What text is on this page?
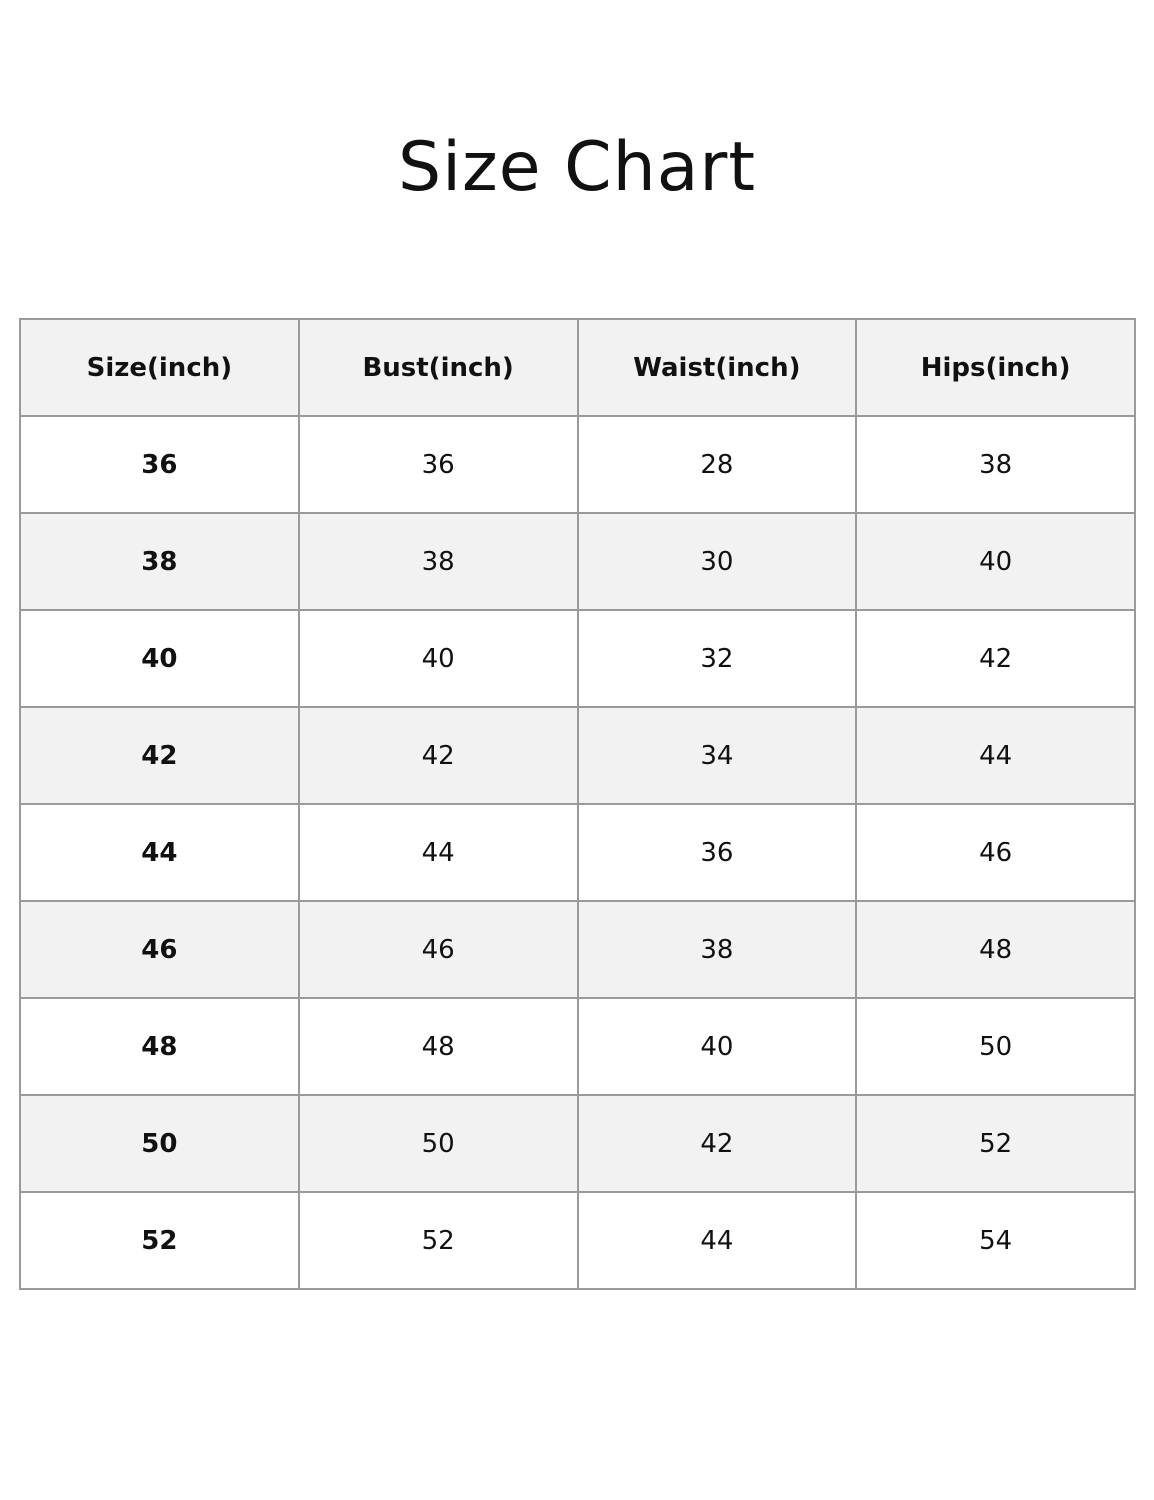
Size Chart
Size(inch)	Bust(inch)	Waist(inch)	Hips(inch)
36	36	28	38
38	38	30	40
40	40	32	42
42	42	34	44
44	44	36	46
46	46	38	48
48	48	40	50
50	50	42	52
52	52	44	54
